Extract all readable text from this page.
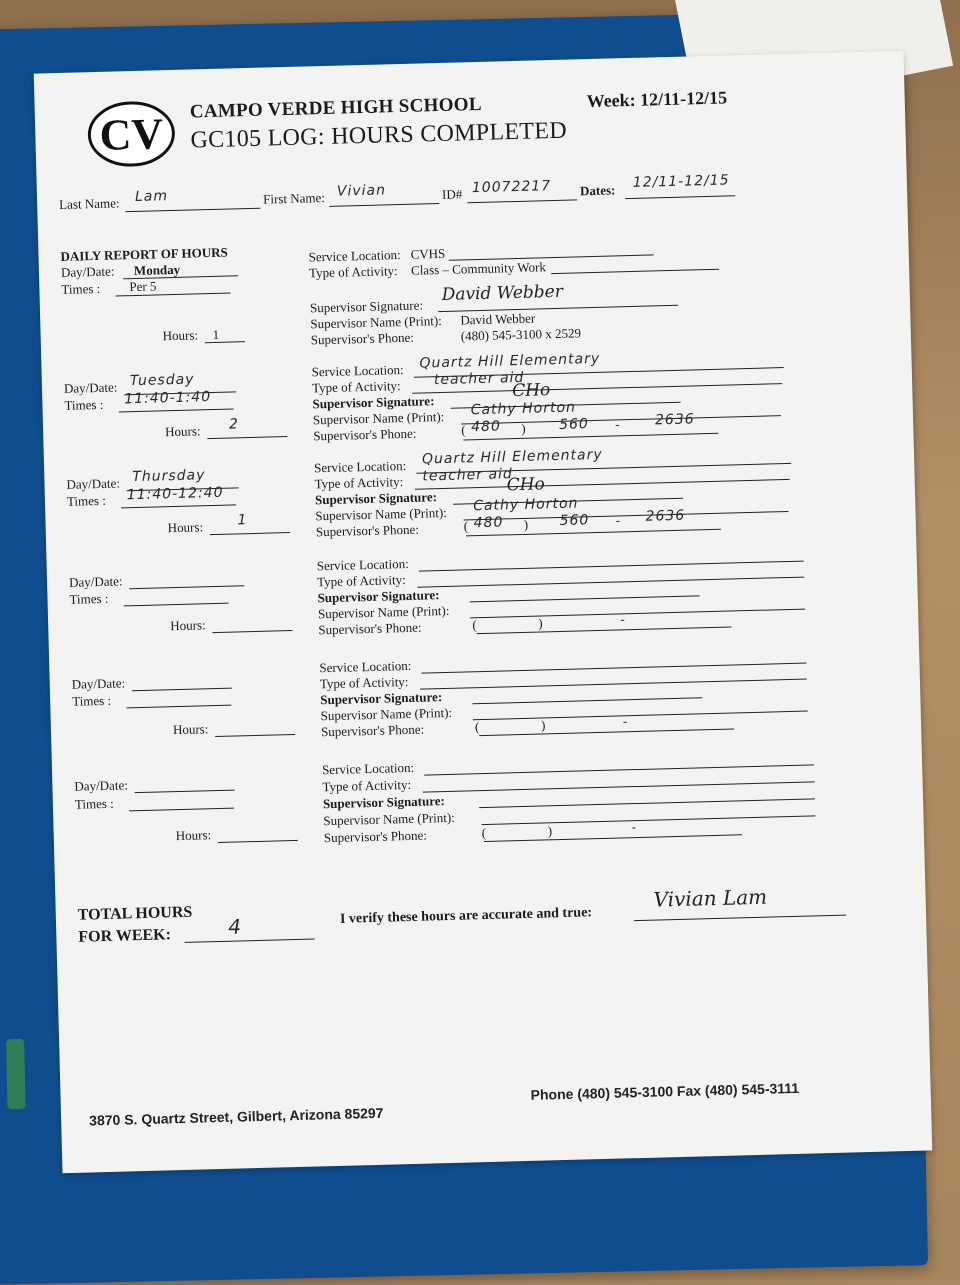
CV
CAMPO VERDE HIGH SCHOOL	Week: 12/11-12/15
GC105 LOG: HOURS COMPLETED
Last Name: Lam	First Name: Vivian	ID# 10072217 Dates: 12/11-12/15
DAILY REPORT OF HOURS
Day/Date: Monday
Times : Per 5
Hours: 1
Service Location: CVHS
Type of Activity: Class – Community Work
Supervisor Signature:
David Webber
Supervisor Name (Print): David Webber
Supervisor's Phone:	(480) 545-3100 x 2529
Day/Date: Tuesday
Times : 11:40-1:40
Hours: 2
Service Location: Quartz Hill Elementary
Type of Activity: teacher aid
Supervisor Signature:
CHo
Supervisor Name (Print): Cathy Horton
Supervisor's Phone:	( 480 ) 560 -	2636
Day/Date: Thursday
Times : 11:40-12:40
Hours: 1
Service Location: Quartz Hill Elementary
Type of Activity: teacher aid
Supervisor Signature:
CHo
Supervisor Name (Print): Cathy Horton
Supervisor's Phone:	( 480 ) 560 - 2636
Day/Date:
Times :
Hours:
Service Location:
Type of Activity:
Supervisor Signature:
Supervisor Name (Print):
Supervisor's Phone:	(	)	-
Day/Date:
Times :
Hours:
Service Location:
Type of Activity:
Supervisor Signature:
Supervisor Name (Print):
Supervisor's Phone:	(	)	-
Day/Date:
Times :
Hours:
Service Location:
Type of Activity:
Supervisor Signature:
Supervisor Name (Print):
Supervisor's Phone:	(	)	-
TOTAL HOURS
FOR WEEK:	4	I verify these hours are accurate and true:
Vivian Lam
3870 S. Quartz Street, Gilbert, Arizona 85297
Phone (480) 545-3100 Fax (480) 545-3111
